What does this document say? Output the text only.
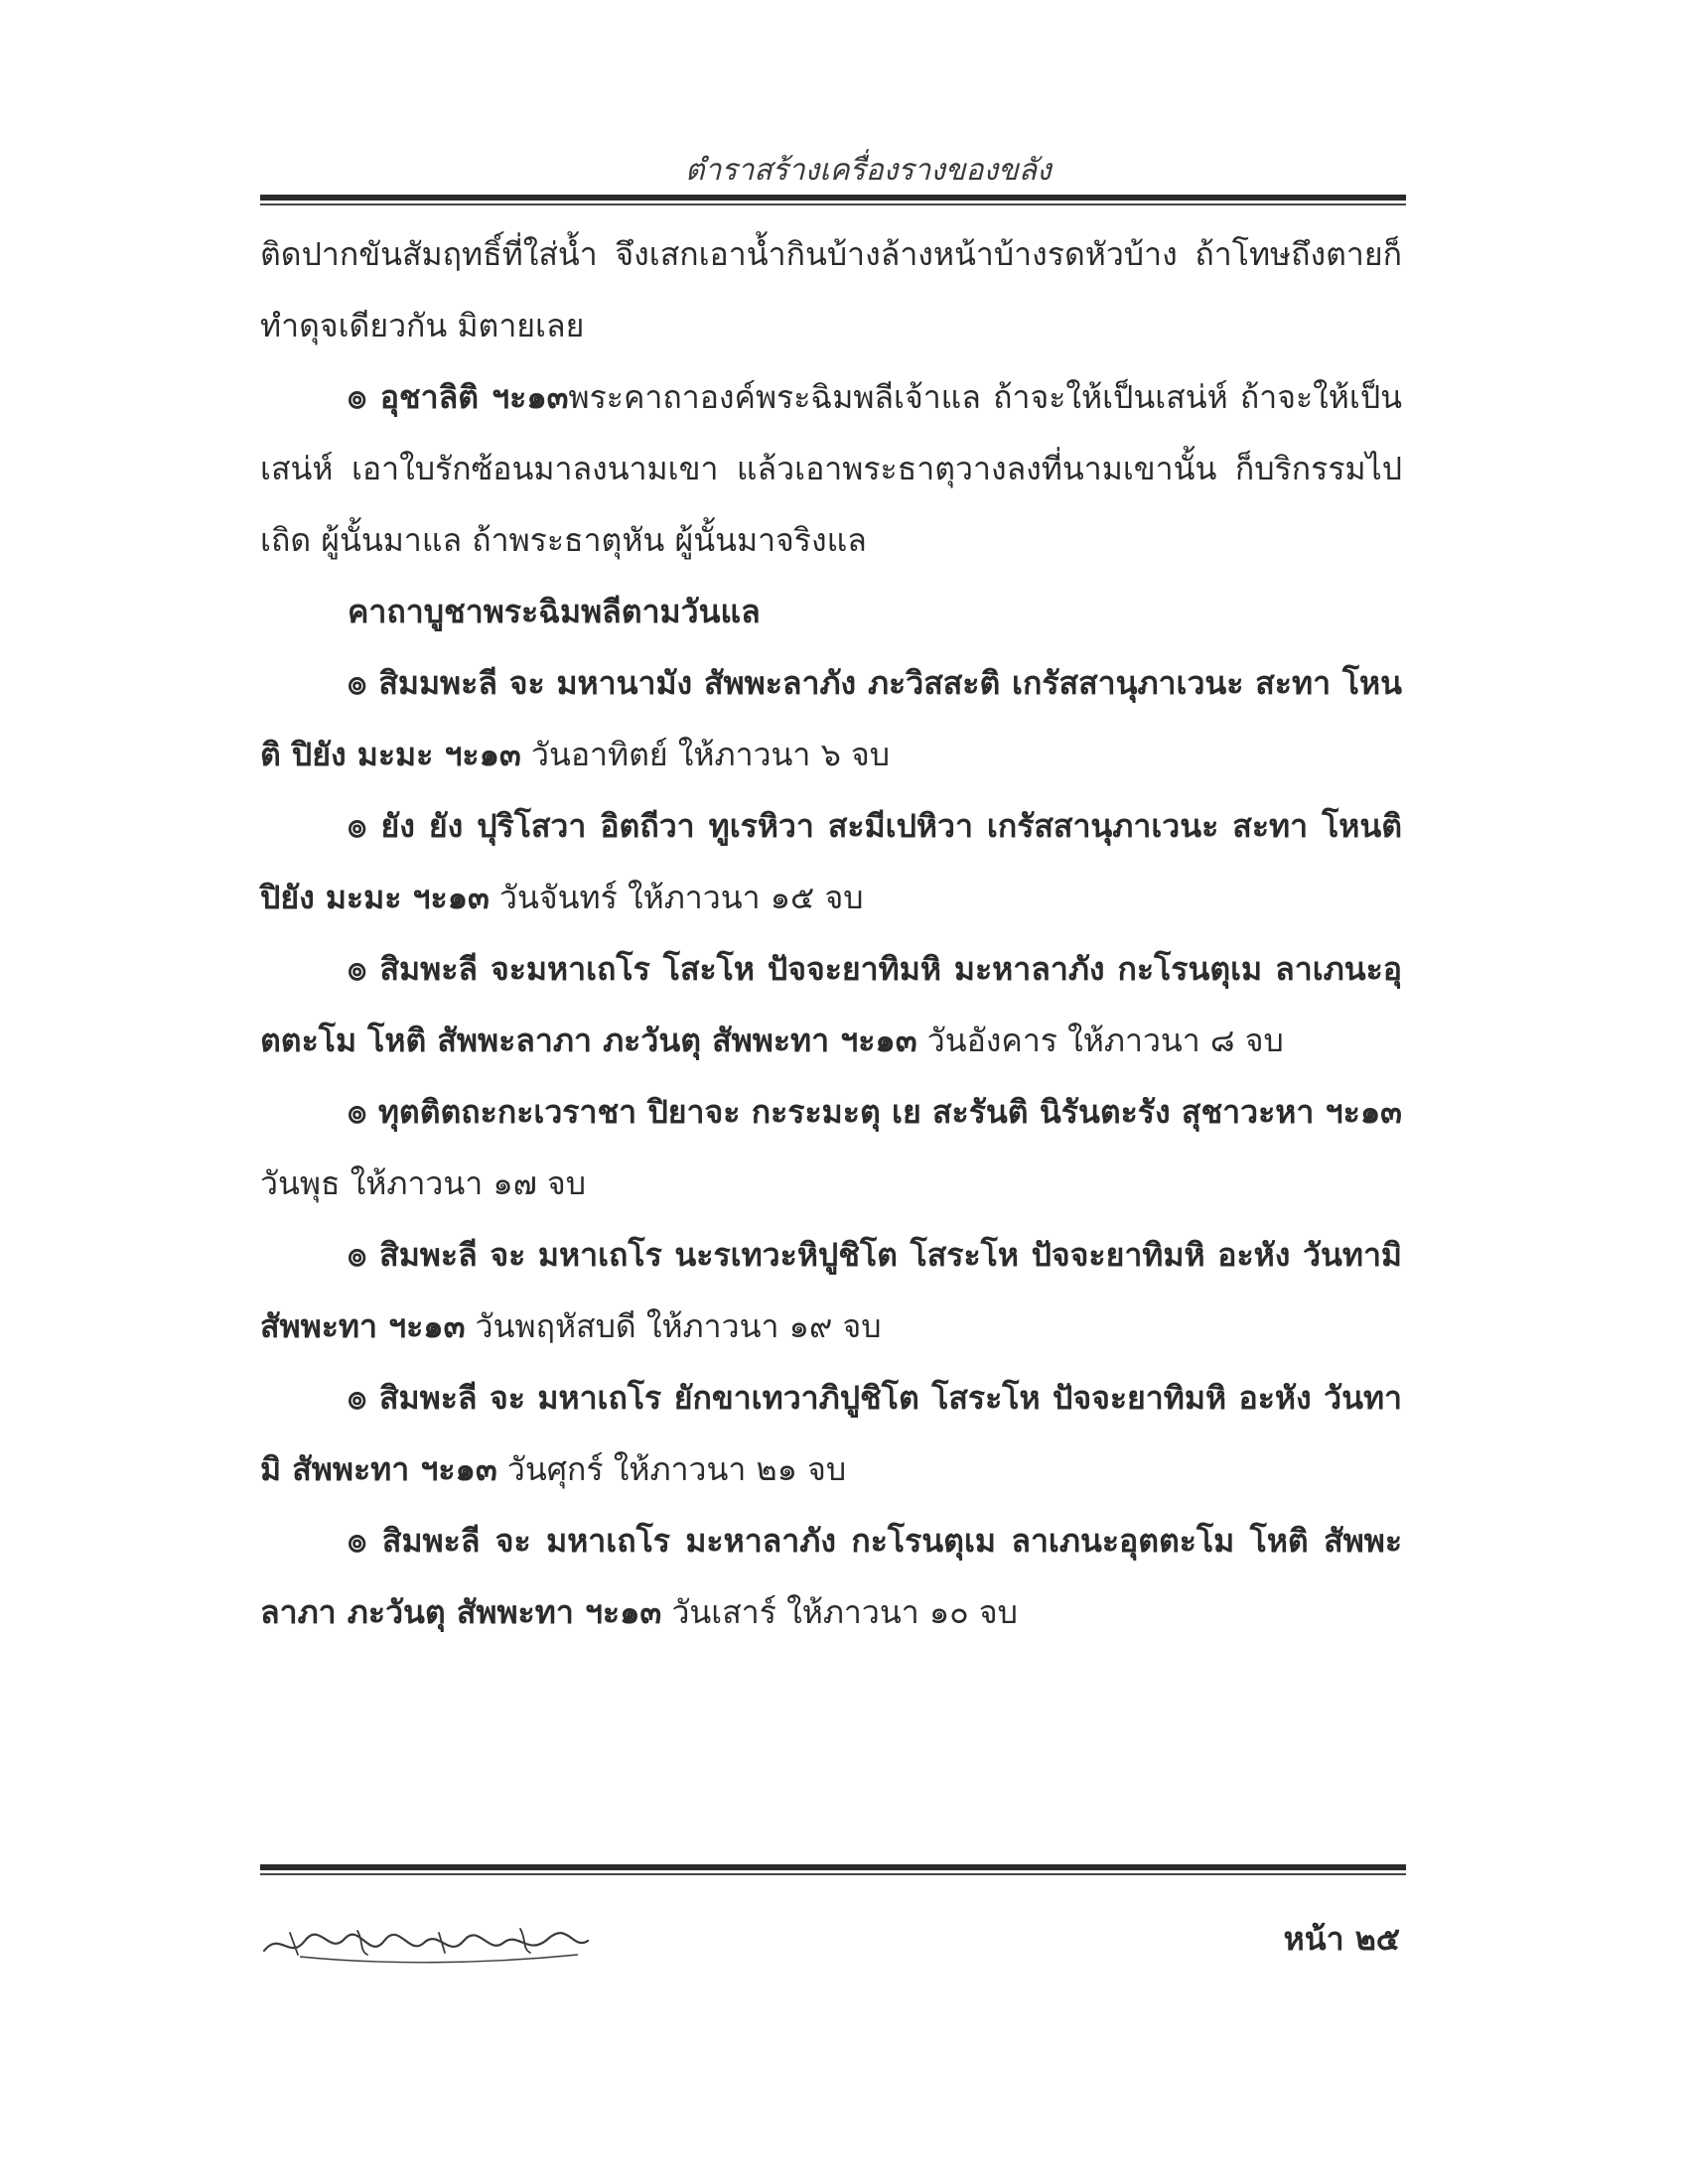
ตำราสร้างเครื่องรางของขลัง

ติดปากขันสัมฤทธิ์ที่ใส่น้ำ จึงเสกเอาน้ำกินบ้างล้างหน้าบ้างรดหัวบ้าง ถ้าโทษถึงตายก็ทำดุจเดียวกัน มิตายเลย

๏ อุชาลิติ ฯะ๑๓พระคาถาองค์พระฉิมพลีเจ้าแล ถ้าจะให้เป็นเสน่ห์ ถ้าจะให้เป็นเสน่ห์ เอาใบรักซ้อนมาลงนามเขา แล้วเอาพระธาตุวางลงที่นามเขานั้น ก็บริกรรมไปเถิด ผู้นั้นมาแล ถ้าพระธาตุหัน ผู้นั้นมาจริงแล

คาถาบูชาพระฉิมพลีตามวันแล

๏ สิมมพะลี จะ มหานามัง สัพพะลาภัง ภะวิสสะติ เกรัสสานุภาเวนะ สะทา โหนติ ปิยัง มะมะ ฯะ๑๓ วันอาทิตย์ ให้ภาวนา ๖ จบ

๏ ยัง ยัง ปุริโสวา อิตถีวา ทูเรหิวา สะมีเปหิวา เกรัสสานุภาเวนะ สะทา โหนติ ปิยัง มะมะ ฯะ๑๓ วันจันทร์ ให้ภาวนา ๑๕ จบ

๏ สิมพะลี จะมหาเถโร โสะโห ปัจจะยาทิมหิ มะหาลาภัง กะโรนตุเม ลาเภนะอุตตะโม โหติ สัพพะลาภา ภะวันตุ สัพพะทา ฯะ๑๓ วันอังคาร ให้ภาวนา ๘ จบ

๏ ทุตติตถะกะเวราชา ปิยาจะ กะระมะตุ เย สะรันติ นิรันตะรัง สุชาวะหา ฯะ๑๓ วันพุธ ให้ภาวนา ๑๗ จบ

๏ สิมพะลี จะ มหาเถโร นะรเทวะหิปูชิโต โสระโห ปัจจะยาทิมหิ อะหัง วันทามิ สัพพะทา ฯะ๑๓ วันพฤหัสบดี ให้ภาวนา ๑๙ จบ

๏ สิมพะลี จะ มหาเถโร ยักขาเทวาภิปูชิโต โสระโห ปัจจะยาทิมหิ อะหัง วันทามิ สัพพะทา ฯะ๑๓ วันศุกร์ ให้ภาวนา ๒๑ จบ

๏ สิมพะลี จะ มหาเถโร มะหาลาภัง กะโรนตุเม ลาเภนะอุตตะโม โหติ สัพพะลาภา ภะวันตุ สัพพะทา ฯะ๑๓ วันเสาร์ ให้ภาวนา ๑๐ จบ

หน้า ๒๕
